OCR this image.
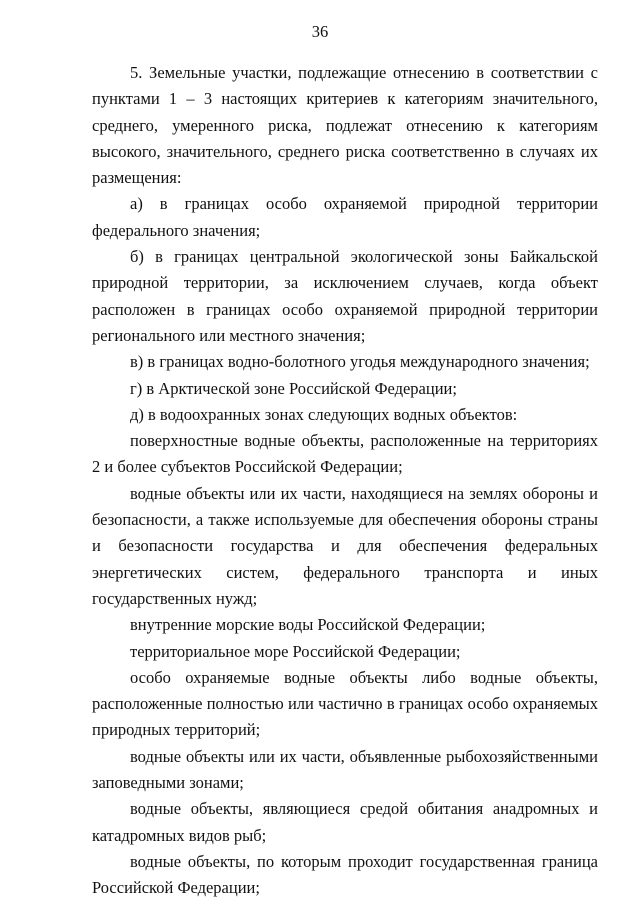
36

5. Земельные участки, подлежащие отнесению в соответствии с пунктами 1 – 3 настоящих критериев к категориям значительного, среднего, умеренного риска, подлежат отнесению к категориям высокого, значительного, среднего риска соответственно в случаях их размещения:

а) в границах особо охраняемой природной территории федерального значения;

б) в границах центральной экологической зоны Байкальской природной территории, за исключением случаев, когда объект расположен в границах особо охраняемой природной территории регионального или местного значения;

в) в границах водно-болотного угодья международного значения;

г) в Арктической зоне Российской Федерации;

д) в водоохранных зонах следующих водных объектов:

поверхностные водные объекты, расположенные на территориях 2 и более субъектов Российской Федерации;

водные объекты или их части, находящиеся на землях обороны и безопасности, а также используемые для обеспечения обороны страны и безопасности государства и для обеспечения федеральных энергетических систем, федерального транспорта и иных государственных нужд;

внутренние морские воды Российской Федерации;

территориальное море Российской Федерации;

особо охраняемые водные объекты либо водные объекты, расположенные полностью или частично в границах особо охраняемых природных территорий;

водные объекты или их части, объявленные рыбохозяйственными заповедными зонами;

водные объекты, являющиеся средой обитания анадромных и катадромных видов рыб;

водные объекты, по которым проходит государственная граница Российской Федерации;
